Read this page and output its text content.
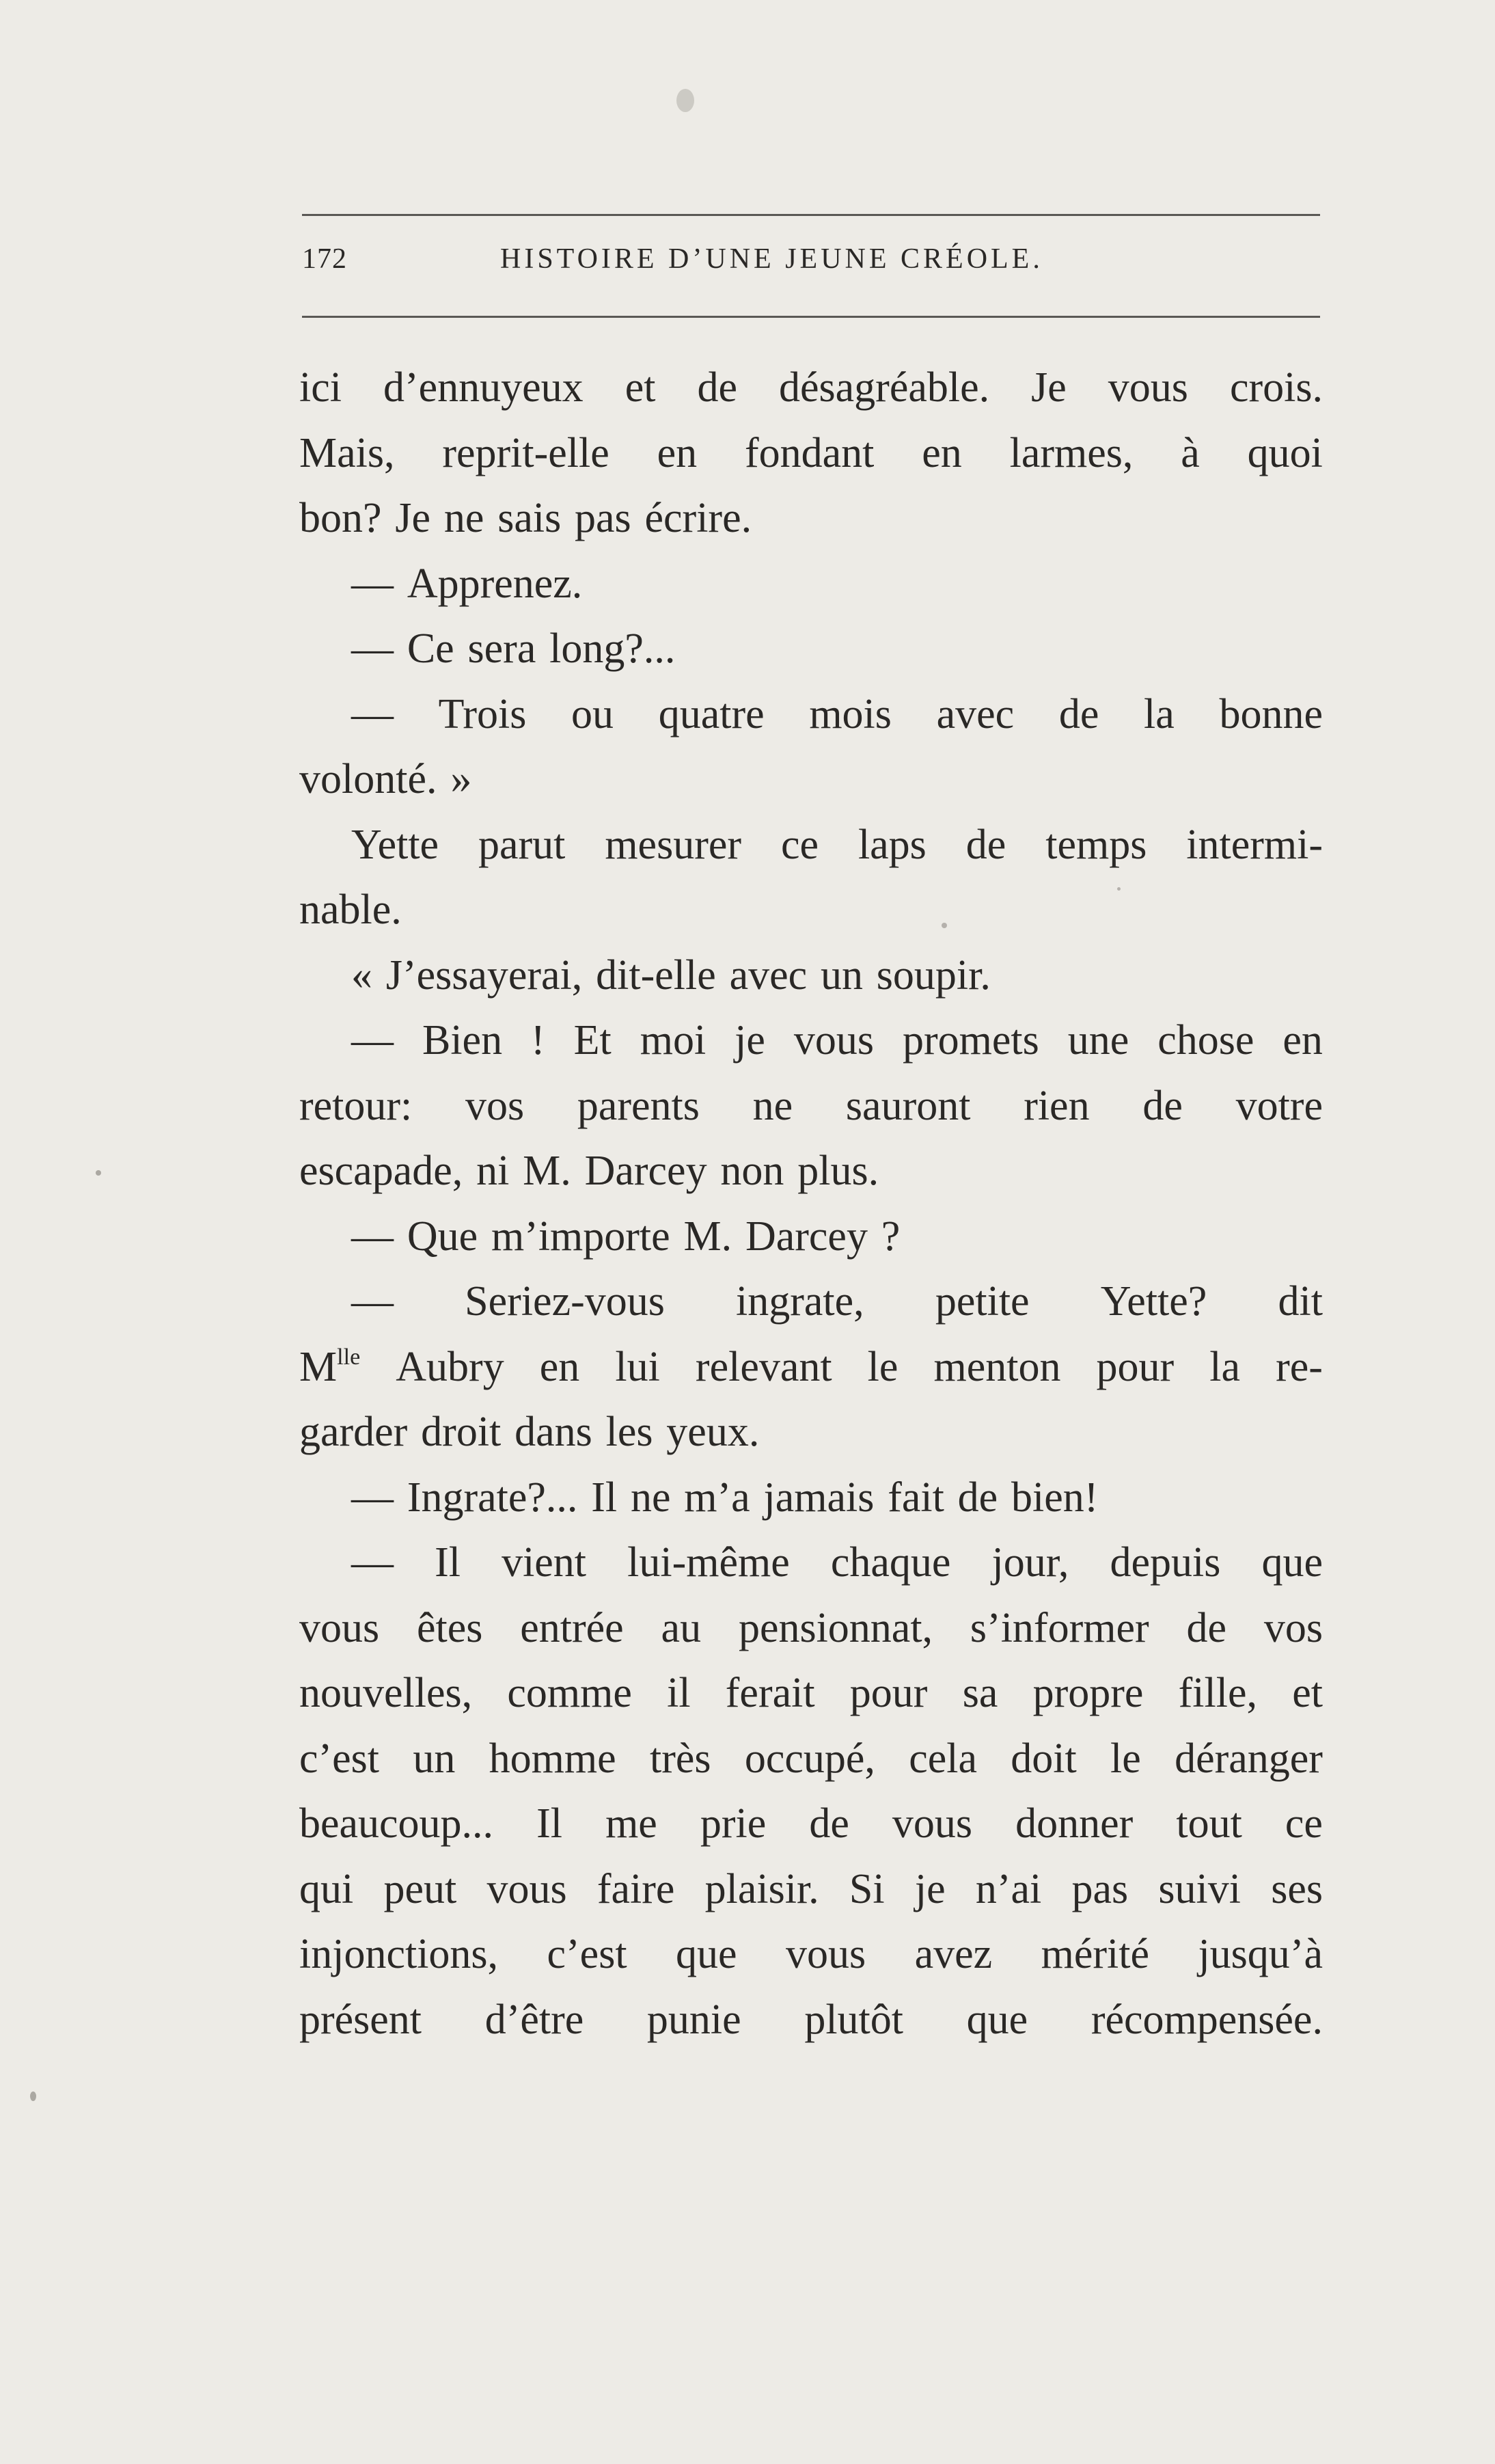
172	HISTOIRE D’UNE JEUNE CRÉOLE.
ici d’ennuyeux et de désagréable. Je vous crois.
Mais, reprit-elle en fondant en larmes, à quoi
bon? Je ne sais pas écrire.
— Apprenez.
— Ce sera long?...
— Trois ou quatre mois avec de la bonne
volonté. »
Yette parut mesurer ce laps de temps intermi-
nable.
« J’essayerai, dit-elle avec un soupir.
— Bien ! Et moi je vous promets une chose en
retour: vos parents ne sauront rien de votre
escapade, ni M. Darcey non plus.
— Que m’importe M. Darcey ?
— Seriez-vous ingrate, petite Yette? dit
$M^{lle}$ Aubry en lui relevant le menton pour la re-
garder droit dans les yeux.
— Ingrate?... Il ne m’a jamais fait de bien!
— Il vient lui-même chaque jour, depuis que
vous êtes entrée au pensionnat, s’informer de vos
nouvelles, comme il ferait pour sa propre fille, et
c’est un homme très occupé, cela doit le déranger
beaucoup... Il me prie de vous donner tout ce
qui peut vous faire plaisir. Si je n’ai pas suivi ses
injonctions, c’est que vous avez mérité jusqu’à
présent d’être punie plutôt que récompensée.
